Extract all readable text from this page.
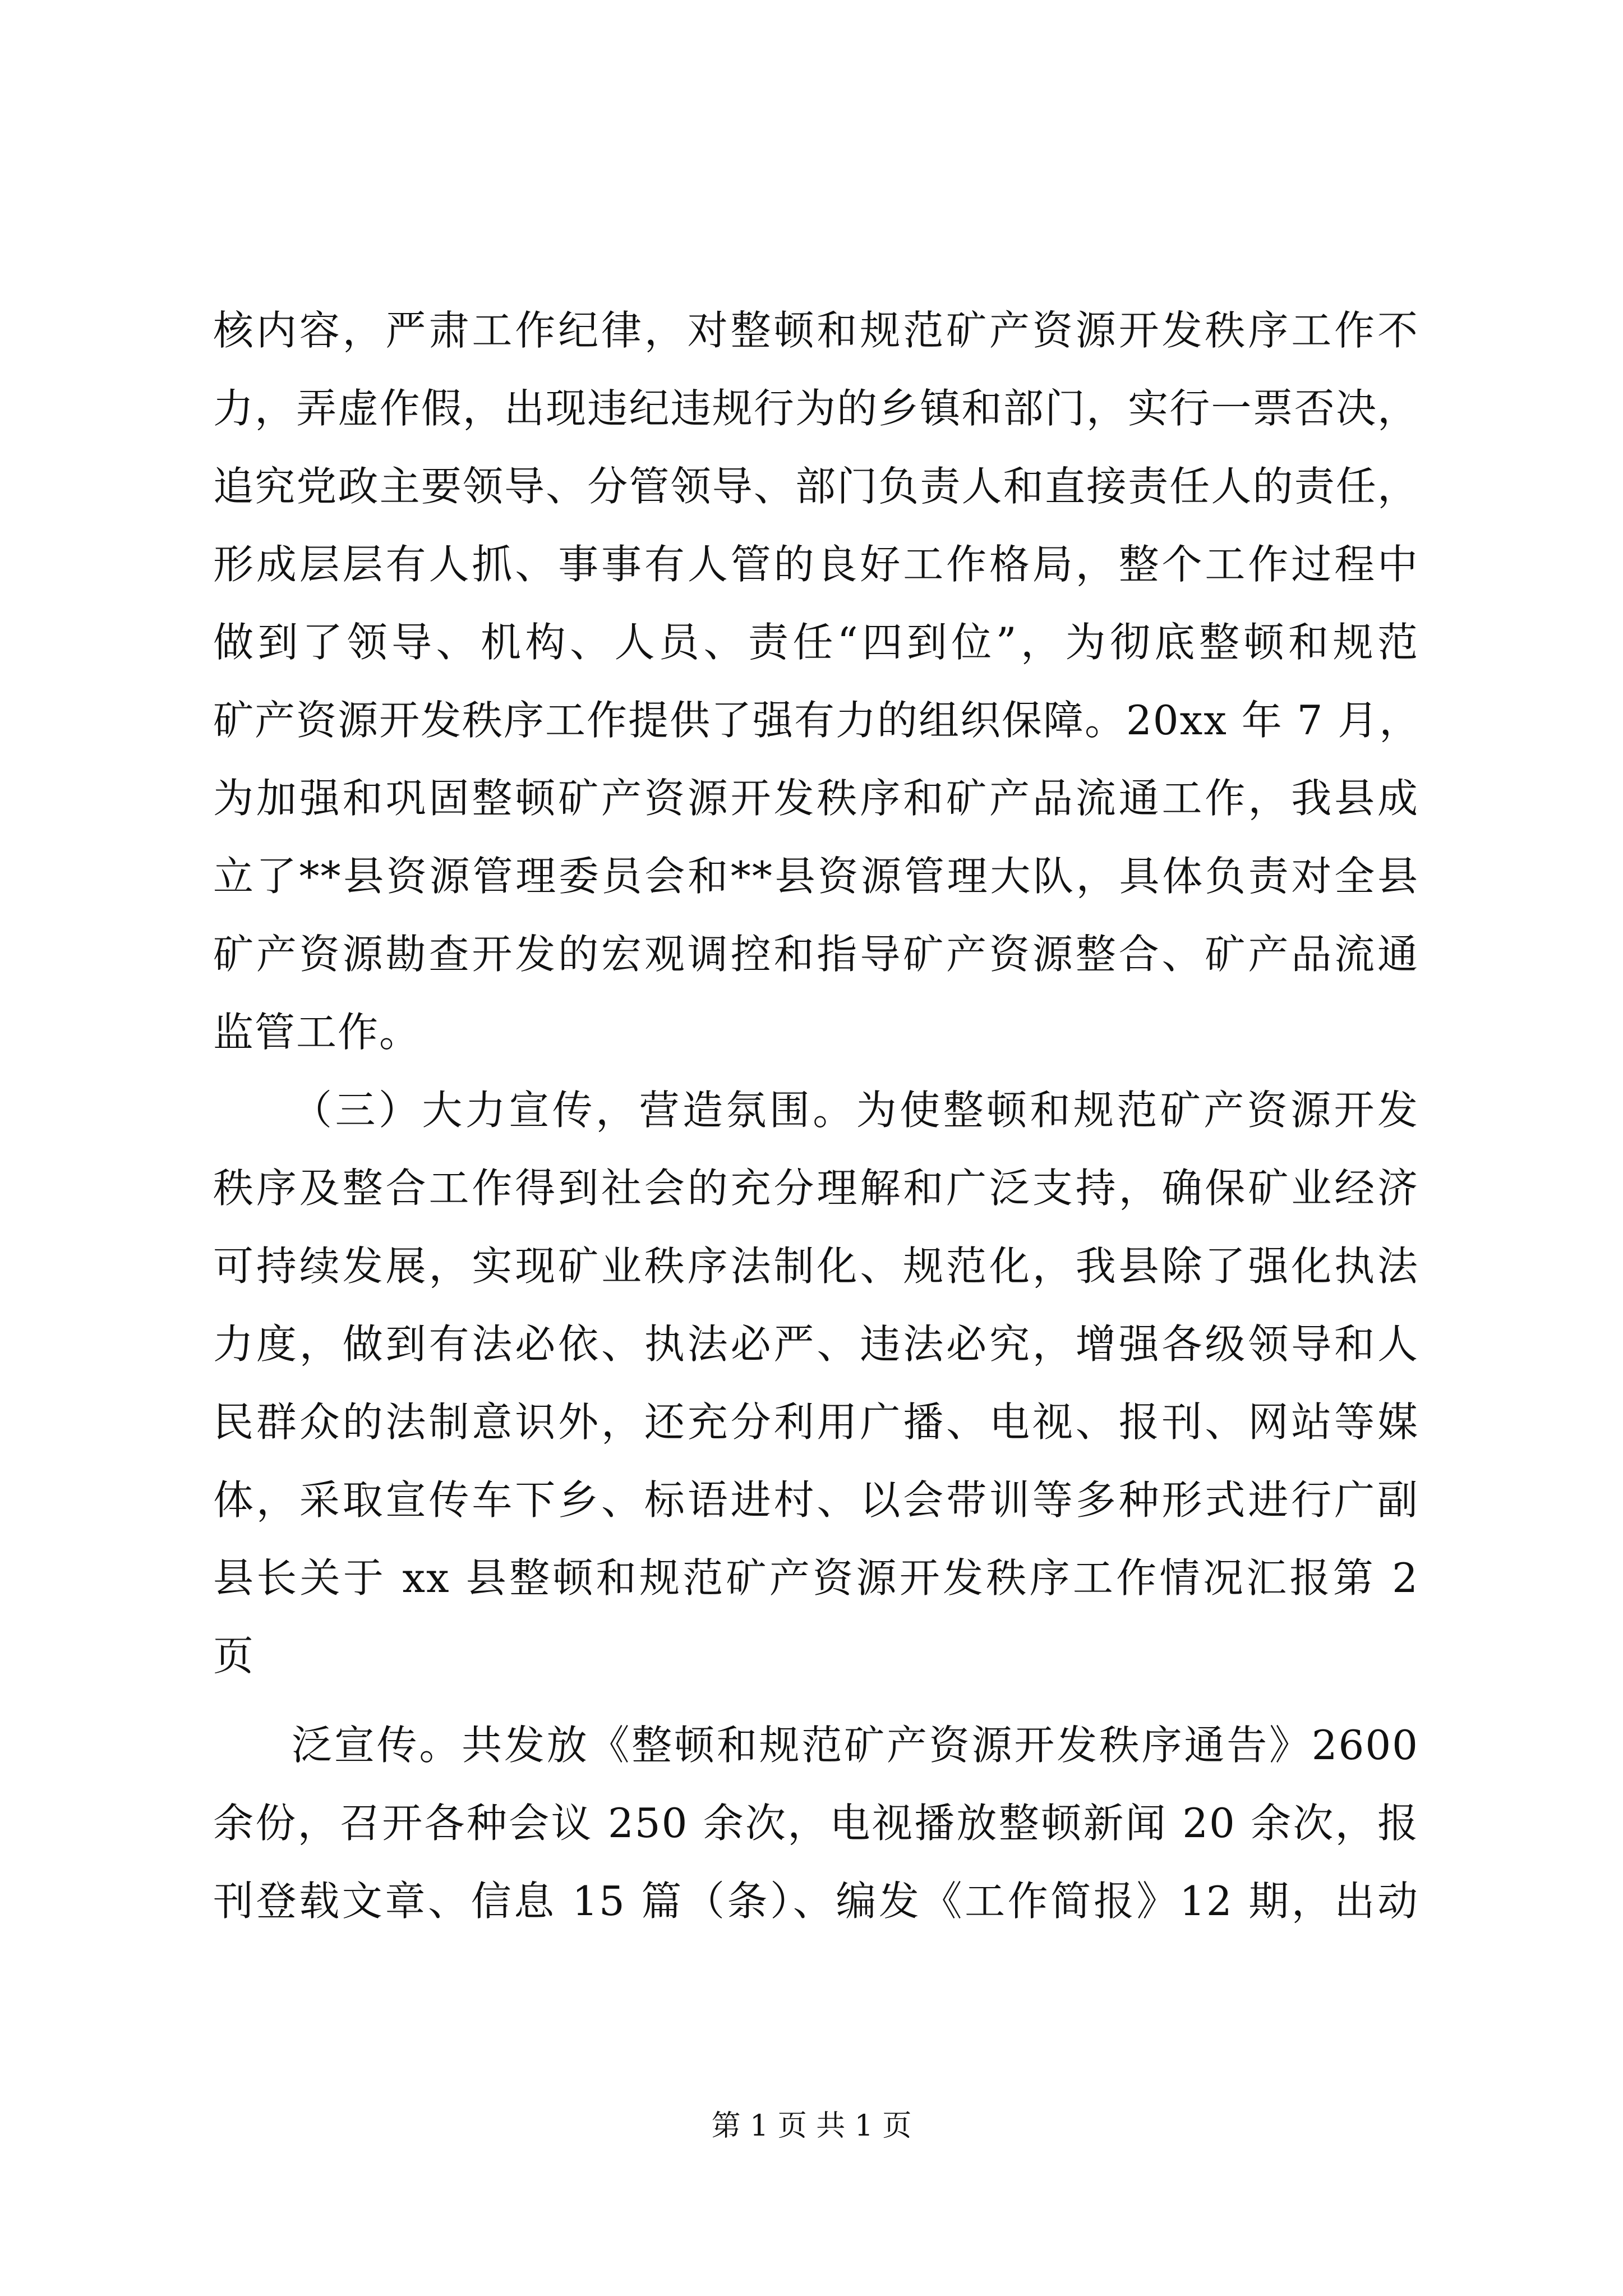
核内容，严肃工作纪律，对整顿和规范矿产资源开发秩序工作不
力，弄虚作假，出现违纪违规行为的乡镇和部门，实行一票否决，
追究党政主要领导、分管领导、部门负责人和直接责任人的责任，
形成层层有人抓、事事有人管的良好工作格局，整个工作过程中
做到了领导、机构、人员、责任“四到位”，为彻底整顿和规范
矿产资源开发秩序工作提供了强有力的组织保障。20xx 年 7 月，
为加强和巩固整顿矿产资源开发秩序和矿产品流通工作，我县成
立了**县资源管理委员会和**县资源管理大队，具体负责对全县
矿产资源勘查开发的宏观调控和指导矿产资源整合、矿产品流通
监管工作。
（三）大力宣传，营造氛围。为使整顿和规范矿产资源开发
秩序及整合工作得到社会的充分理解和广泛支持，确保矿业经济
可持续发展，实现矿业秩序法制化、规范化，我县除了强化执法
力度，做到有法必依、执法必严、违法必究，增强各级领导和人
民群众的法制意识外，还充分利用广播、电视、报刊、网站等媒
体，采取宣传车下乡、标语进村、以会带训等多种形式进行广副
县长关于 xx 县整顿和规范矿产资源开发秩序工作情况汇报第 2
页
泛宣传。共发放《整顿和规范矿产资源开发秩序通告》2600
余份，召开各种会议 250 余次，电视播放整顿新闻 20 余次，报
刊登载文章、信息 15 篇（条）、编发《工作简报》12 期，出动
第 1 页 共 1 页
